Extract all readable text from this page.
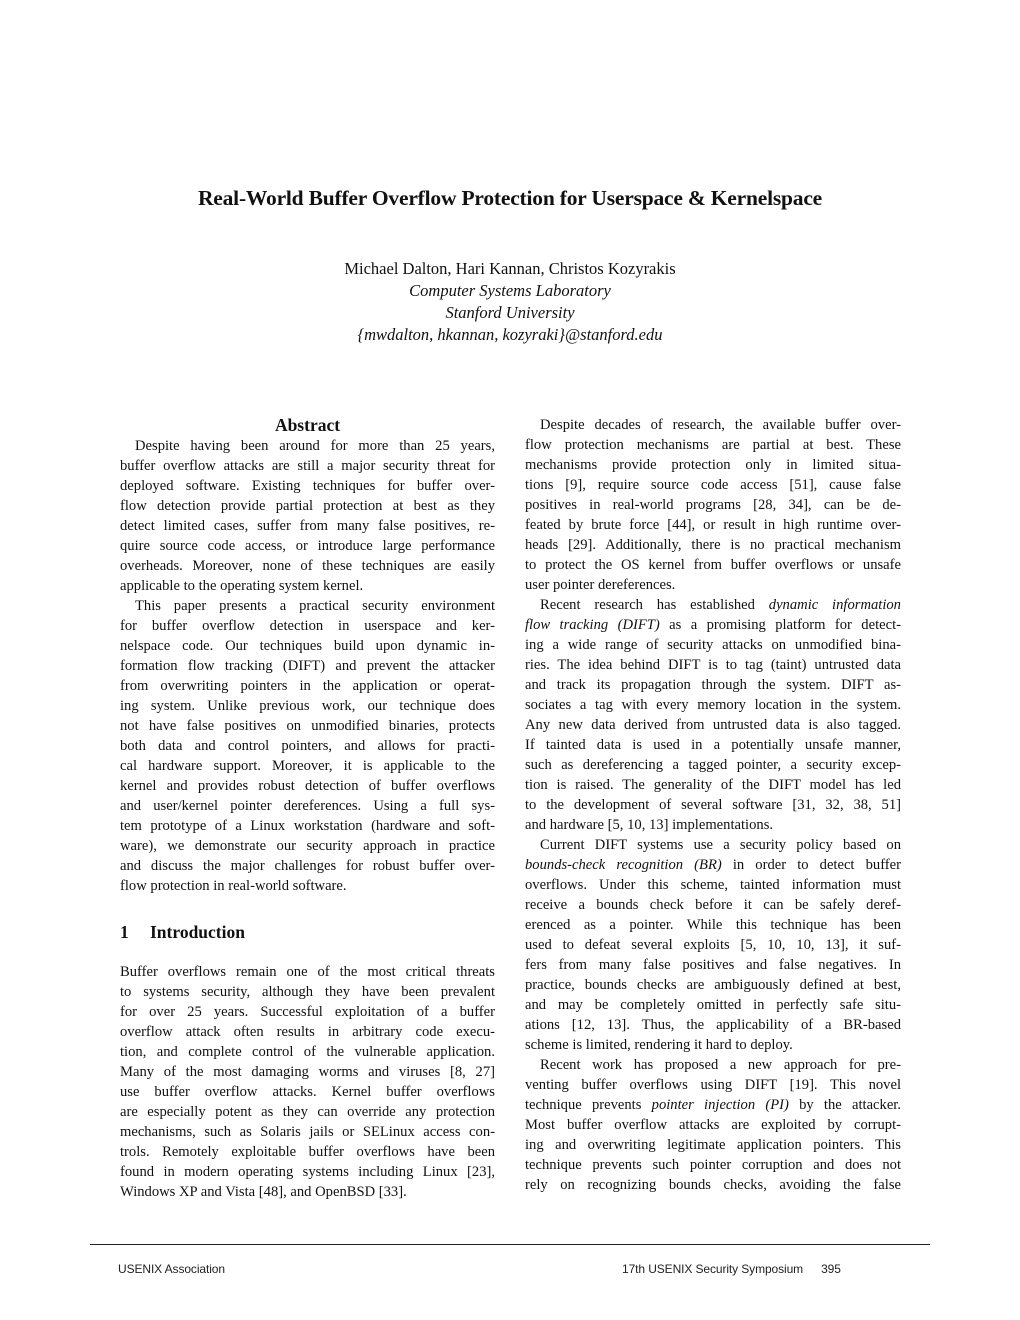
Real-World Buffer Overflow Protection for Userspace & Kernelspace
Michael Dalton, Hari Kannan, Christos Kozyrakis
Computer Systems Laboratory
Stanford University
{mwdalton, hkannan, kozyraki}@stanford.edu
Abstract
Despite having been around for more than 25 years,
buffer overflow attacks are still a major security threat for
deployed software. Existing techniques for buffer over-
flow detection provide partial protection at best as they
detect limited cases, suffer from many false positives, re-
quire source code access, or introduce large performance
overheads. Moreover, none of these techniques are easily
applicable to the operating system kernel.
This paper presents a practical security environment
for buffer overflow detection in userspace and ker-
nelspace code. Our techniques build upon dynamic in-
formation flow tracking (DIFT) and prevent the attacker
from overwriting pointers in the application or operat-
ing system. Unlike previous work, our technique does
not have false positives on unmodified binaries, protects
both data and control pointers, and allows for practi-
cal hardware support. Moreover, it is applicable to the
kernel and provides robust detection of buffer overflows
and user/kernel pointer dereferences. Using a full sys-
tem prototype of a Linux workstation (hardware and soft-
ware), we demonstrate our security approach in practice
and discuss the major challenges for robust buffer over-
flow protection in real-world software.
1 Introduction
Buffer overflows remain one of the most critical threats
to systems security, although they have been prevalent
for over 25 years. Successful exploitation of a buffer
overflow attack often results in arbitrary code execu-
tion, and complete control of the vulnerable application.
Many of the most damaging worms and viruses [8, 27]
use buffer overflow attacks. Kernel buffer overflows
are especially potent as they can override any protection
mechanisms, such as Solaris jails or SELinux access con-
trols. Remotely exploitable buffer overflows have been
found in modern operating systems including Linux [23],
Windows XP and Vista [48], and OpenBSD [33].
Despite decades of research, the available buffer over-
flow protection mechanisms are partial at best. These
mechanisms provide protection only in limited situa-
tions [9], require source code access [51], cause false
positives in real-world programs [28, 34], can be de-
feated by brute force [44], or result in high runtime over-
heads [29]. Additionally, there is no practical mechanism
to protect the OS kernel from buffer overflows or unsafe
user pointer dereferences.
Recent research has established dynamic information
flow tracking (DIFT) as a promising platform for detect-
ing a wide range of security attacks on unmodified bina-
ries. The idea behind DIFT is to tag (taint) untrusted data
and track its propagation through the system. DIFT as-
sociates a tag with every memory location in the system.
Any new data derived from untrusted data is also tagged.
If tainted data is used in a potentially unsafe manner,
such as dereferencing a tagged pointer, a security excep-
tion is raised. The generality of the DIFT model has led
to the development of several software [31, 32, 38, 51]
and hardware [5, 10, 13] implementations.
Current DIFT systems use a security policy based on
bounds-check recognition (BR) in order to detect buffer
overflows. Under this scheme, tainted information must
receive a bounds check before it can be safely deref-
erenced as a pointer. While this technique has been
used to defeat several exploits [5, 10, 10, 13], it suf-
fers from many false positives and false negatives. In
practice, bounds checks are ambiguously defined at best,
and may be completely omitted in perfectly safe situ-
ations [12, 13]. Thus, the applicability of a BR-based
scheme is limited, rendering it hard to deploy.
Recent work has proposed a new approach for pre-
venting buffer overflows using DIFT [19]. This novel
technique prevents pointer injection (PI) by the attacker.
Most buffer overflow attacks are exploited by corrupt-
ing and overwriting legitimate application pointers. This
technique prevents such pointer corruption and does not
rely on recognizing bounds checks, avoiding the false
USENIX Association	17th USENIX Security Symposium 395
